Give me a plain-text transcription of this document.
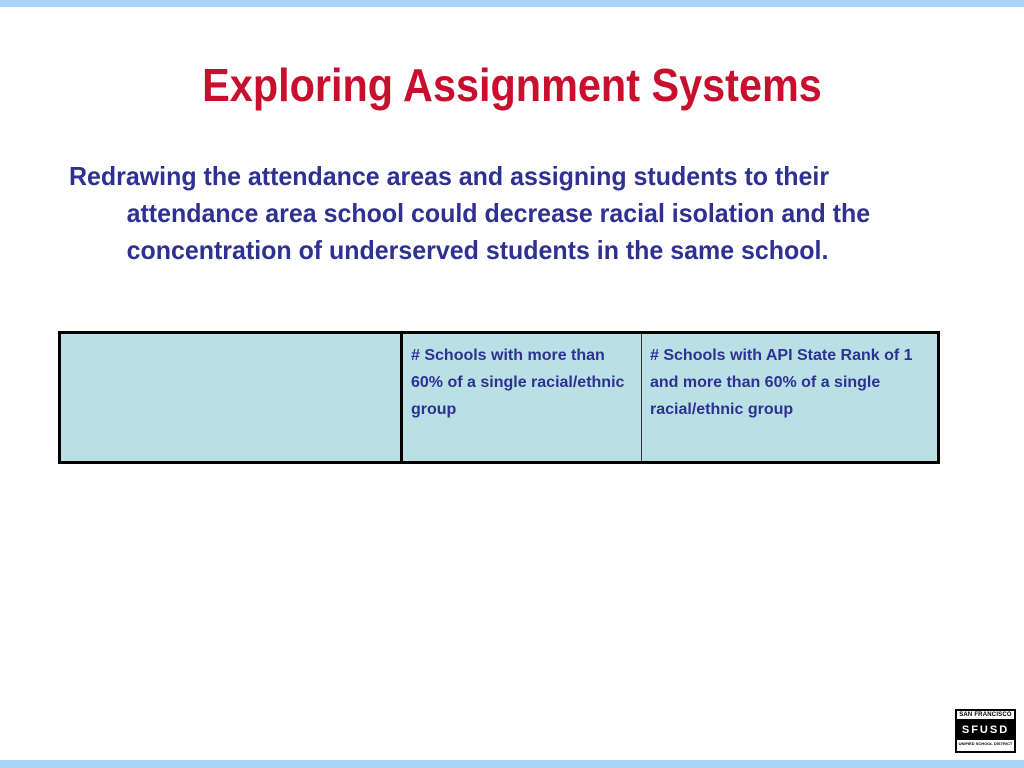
Exploring Assignment Systems
Redrawing the attendance areas and assigning students to their attendance area school could decrease racial isolation and the concentration of underserved students in the same school.
	# Schools with more than 60% of a single racial/ethnic group	# Schools with API State Rank of 1 and more than 60% of a single racial/ethnic group
SAN FRANCISCO
SFUSD
UNIFIED SCHOOL DISTRICT
